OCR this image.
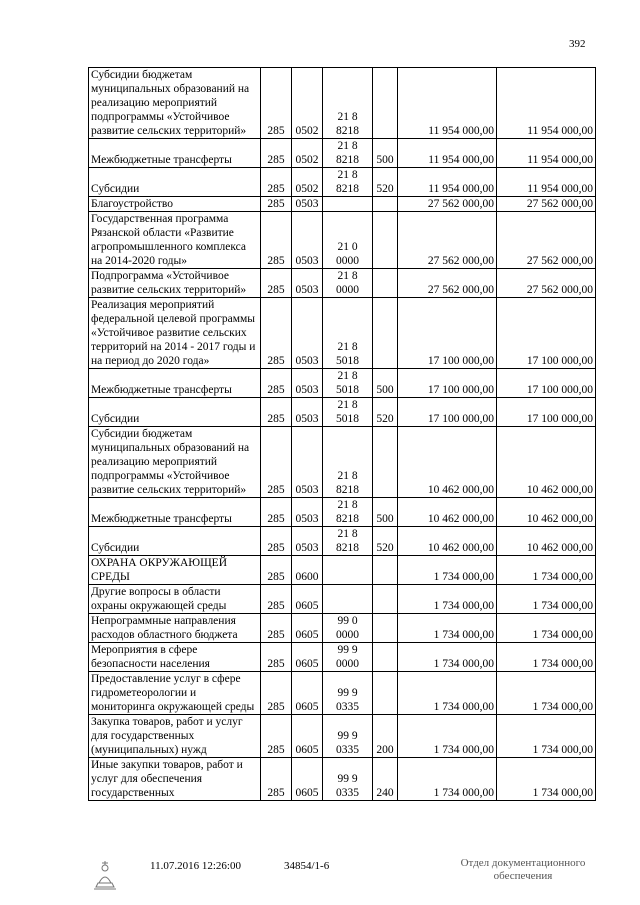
392
Субсидии бюджетам муниципальных образований на реализацию мероприятий подпрограммы «Устойчивое развитие сельских территорий»	285	0502	21 8 8218		11 954 000,00	11 954 000,00
Межбюджетные трансферты	285	0502	21 8 8218	500	11 954 000,00	11 954 000,00
Субсидии	285	0502	21 8 8218	520	11 954 000,00	11 954 000,00
Благоустройство	285	0503			27 562 000,00	27 562 000,00
Государственная программа Рязанской области «Развитие агропромышленного комплекса на 2014-2020 годы»	285	0503	21 0 0000		27 562 000,00	27 562 000,00
Подпрограмма «Устойчивое развитие сельских территорий»	285	0503	21 8 0000		27 562 000,00	27 562 000,00
Реализация мероприятий федеральной целевой программы «Устойчивое развитие сельских территорий на 2014 - 2017 годы и на период до 2020 года»	285	0503	21 8 5018		17 100 000,00	17 100 000,00
Межбюджетные трансферты	285	0503	21 8 5018	500	17 100 000,00	17 100 000,00
Субсидии	285	0503	21 8 5018	520	17 100 000,00	17 100 000,00
Субсидии бюджетам муниципальных образований на реализацию мероприятий подпрограммы «Устойчивое развитие сельских территорий»	285	0503	21 8 8218		10 462 000,00	10 462 000,00
Межбюджетные трансферты	285	0503	21 8 8218	500	10 462 000,00	10 462 000,00
Субсидии	285	0503	21 8 8218	520	10 462 000,00	10 462 000,00
ОХРАНА ОКРУЖАЮЩЕЙ СРЕДЫ	285	0600			1 734 000,00	1 734 000,00
Другие вопросы в области охраны окружающей среды	285	0605			1 734 000,00	1 734 000,00
Непрограммные направления расходов областного бюджета	285	0605	99 0 0000		1 734 000,00	1 734 000,00
Мероприятия в сфере безопасности населения	285	0605	99 9 0000		1 734 000,00	1 734 000,00
Предоставление услуг в сфере гидрометеорологии и мониторинга окружающей среды	285	0605	99 9 0335		1 734 000,00	1 734 000,00
Закупка товаров, работ и услуг для государственных (муниципальных) нужд	285	0605	99 9 0335	200	1 734 000,00	1 734 000,00
Иные закупки товаров, работ и услуг для обеспечения государственных	285	0605	99 9 0335	240	1 734 000,00	1 734 000,00
11.07.2016 12:26:00	34854/1-6	Отдел документационного
обеспечения
